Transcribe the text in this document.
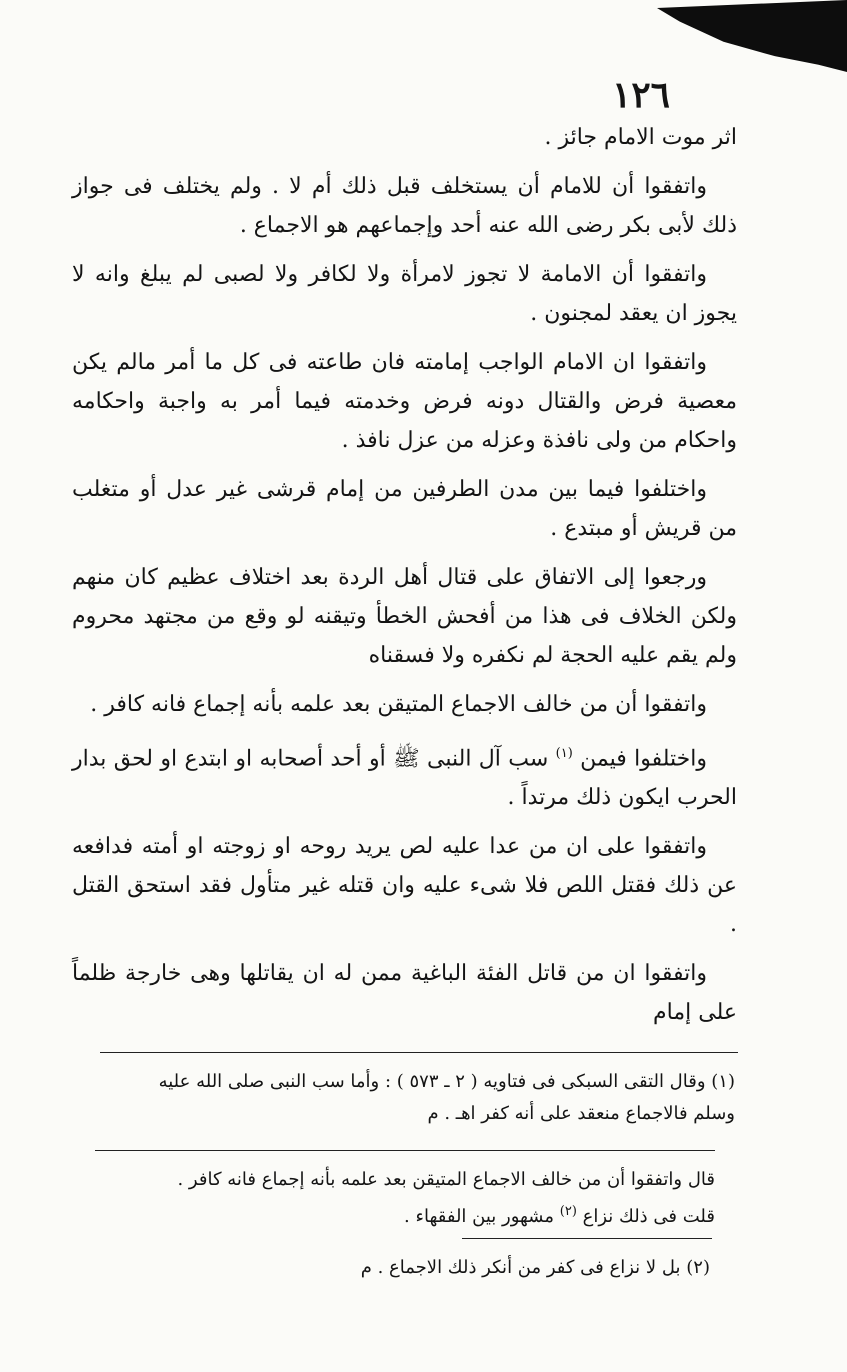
١٢٦

اثر موت الامام جائز .

واتفقوا أن للامام أن يستخلف قبل ذلك أم لا . ولم يختلف فى جواز ذلك لأبى بكر رضى الله عنه أحد وإجماعهم هو الاجماع .

واتفقوا أن الامامة لا تجوز لامرأة ولا لكافر ولا لصبى لم يبلغ وانه لا يجوز ان يعقد لمجنون .

واتفقوا ان الامام الواجب إمامته فان طاعته فى كل ما أمر مالم يكن معصية فرض والقتال دونه فرض وخدمته فيما أمر به واجبة واحكامه واحكام من ولى نافذة وعزله من عزل نافذ .

واختلفوا فيما بين مدن الطرفين من إمام قرشى غير عدل أو متغلب من قريش أو مبتدع .

ورجعوا إلى الاتفاق على قتال أهل الردة بعد اختلاف عظيم كان منهم ولكن الخلاف فى هذا من أفحش الخطأ وتيقنه لو وقع من مجتهد محروم ولم يقم عليه الحجة لم نكفره ولا فسقناه

واتفقوا أن من خالف الاجماع المتيقن بعد علمه بأنه إجماع فانه كافر .

واختلفوا فيمن $^{(١)}$ سب آل النبى ﷺ أو أحد أصحابه او ابتدع او لحق بدار الحرب ايكون ذلك مرتداً .

واتفقوا على ان من عدا عليه لص يريد روحه او زوجته او أمته فدافعه عن ذلك فقتل اللص فلا شىء عليه وان قتله غير متأول فقد استحق القتل .

واتفقوا ان من قاتل الفئة الباغية ممن له ان يقاتلها وهى خارجة ظلماً على إمام

(١) وقال التقى السبكى فى فتاويه ( ٢ ـ ٥٧٣ ) : وأما سب النبى صلى الله عليه

وسلم فالاجماع منعقد على أنه كفر اهـ . م

قال واتفقوا أن من خالف الاجماع المتيقن بعد علمه بأنه إجماع فانه كافر .

قلت فى ذلك نزاع $^{(٢)}$ مشهور بين الفقهاء .

(٢) بل لا نزاع فى كفر من أنكر ذلك الاجماع . م
